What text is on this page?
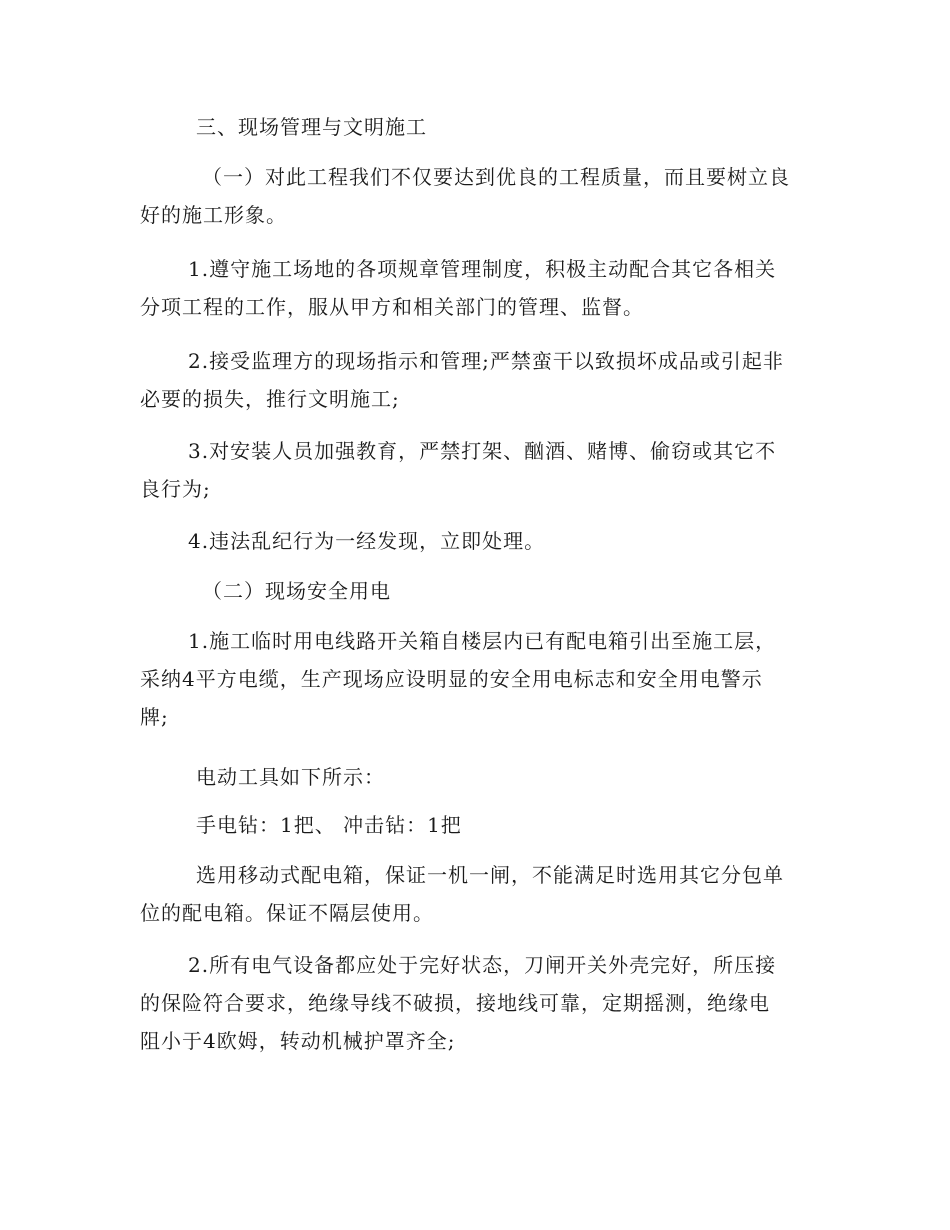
三、现场管理与文明施工
（一）对此工程我们不仅要达到优良的工程质量，而且要树立良
好的施工形象。
1.遵守施工场地的各项规章管理制度，积极主动配合其它各相关
分项工程的工作，服从甲方和相关部门的管理、监督。
2.接受监理方的现场指示和管理;严禁蛮干以致损坏成品或引起非
必要的损失，推行文明施工;
3.对安装人员加强教育，严禁打架、酗酒、赌博、偷窃或其它不
良行为;
4.违法乱纪行为一经发现，立即处理。
（二）现场安全用电
1.施工临时用电线路开关箱自楼层内已有配电箱引出至施工层，
采纳4平方电缆，生产现场应设明显的安全用电标志和安全用电警示
牌;
电动工具如下所示：
手电钻：1把、 冲击钻：1把
选用移动式配电箱，保证一机一闸，不能满足时选用其它分包单
位的配电箱。保证不隔层使用。
2.所有电气设备都应处于完好状态，刀闸开关外壳完好，所压接
的保险符合要求，绝缘导线不破损，接地线可靠，定期摇测，绝缘电
阻小于4欧姆，转动机械护罩齐全;
